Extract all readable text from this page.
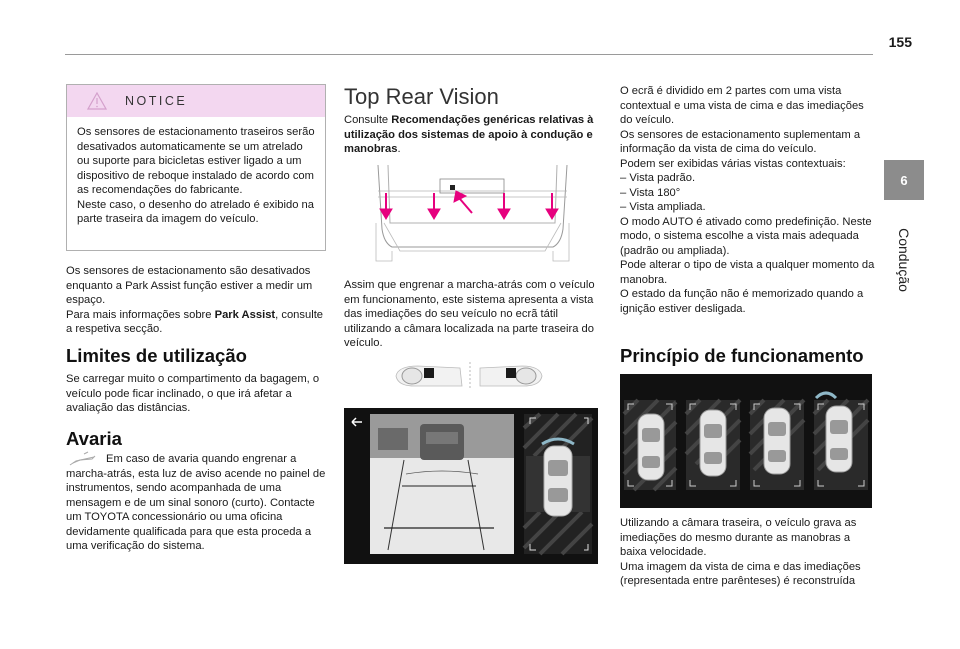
155
6
Condução
NOTICE

Os sensores de estacionamento traseiros serão desativados automaticamente se um atrelado ou suporte para bicicletas estiver ligado a um dispositivo de reboque instalado de acordo com as recomendações do fabricante.

Neste caso, o desenho do atrelado é exibido na parte traseira da imagem do veículo.

Os sensores de estacionamento são desativados enquanto a Park Assist função estiver a medir um espaço.

Para mais informações sobre Park Assist, consulte a respetiva secção.

Limites de utilização

Se carregar muito o compartimento da bagagem, o veículo pode ficar inclinado, o que irá afetar a avaliação das distâncias.

Avaria

Em caso de avaria quando engrenar a marcha-atrás, esta luz de aviso acende no painel de instrumentos, sendo acompanhada de uma mensagem e de um sinal sonoro (curto). Contacte um TOYOTA concessionário ou uma oficina devidamente qualificada para que esta proceda a uma verificação do sistema.

Top Rear Vision

Consulte Recomendações genéricas relativas à utilização dos sistemas de apoio à condução e manobras.

Assim que engrenar a marcha-atrás com o veículo em funcionamento, este sistema apresenta a vista das imediações do seu veículo no ecrã tátil utilizando a câmara localizada na parte traseira do veículo.

O ecrã é dividido em 2 partes com uma vista contextual e uma vista de cima e das imediações do veículo.

Os sensores de estacionamento suplementam a informação da vista de cima do veículo.

Podem ser exibidas várias vistas contextuais:

– Vista padrão.

– Vista 180°

– Vista ampliada.

O modo AUTO é ativado como predefinição. Neste modo, o sistema escolhe a vista mais adequada (padrão ou ampliada).

Pode alterar o tipo de vista a qualquer momento da manobra.

O estado da função não é memorizado quando a ignição estiver desligada.

Princípio de funcionamento

Utilizando a câmara traseira, o veículo grava as imediações do mesmo durante as manobras a baixa velocidade.

Uma imagem da vista de cima e das imediações (representada entre parênteses) é reconstruída
